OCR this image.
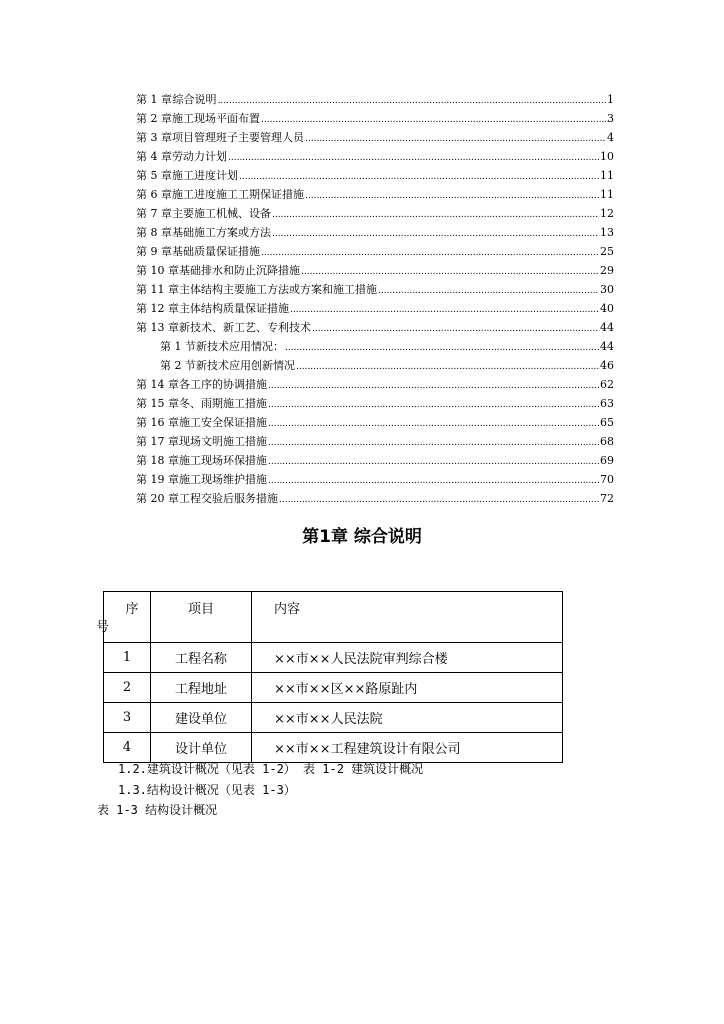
第 1 章 综合说明 .....	1
第 2 章 施工现场平面布置 .....	3
第 3 章 项目管理班子主要管理人员 .....	4
第 4 章 劳动力计划 .....	10
第 5 章 施工进度计划 .....	11
第 6 章 施工进度施工工期保证措施 .....	11
第 7 章 主要施工机械、设备 .....	12
第 8 章 基础施工方案或方法 .....	13
第 9 章 基础质量保证措施 .....	25
第 10 章 基础排水和防止沉降措施 .....	29
第 11 章 主体结构主要施工方法或方案和施工措施 .....	30
第 12 章 主体结构质量保证措施 .....	40
第 13 章 新技术、新工艺、专利技术 .....	44
第 1 节 新技术应用情况： .....	44
第 2 节 新技术应用创新情况 .....	46
第 14 章 各工序的协调措施 .....	62
第 15 章 冬、雨期施工措施 .....	63
第 16 章 施工安全保证措施 .....	65
第 17 章 现场文明施工措施 .....	68
第 18 章 施工现场环保措施 .....	69
第 19 章 施工现场维护措施 .....	70
第 20 章 工程交验后服务措施 .....	72
第1章 综合说明
序
号	项目	内容
1	工程名称	××市××人民法院审判综合楼
2	工程地址	××市××区××路原趾内
3	建设单位	××市××人民法院
4	设计单位	××市××工程建筑设计有限公司
1.2.建筑设计概况（见表 1-2） 表 1-2 建筑设计概况
1.3.结构设计概况（见表 1-3）
表 1-3 结构设计概况
